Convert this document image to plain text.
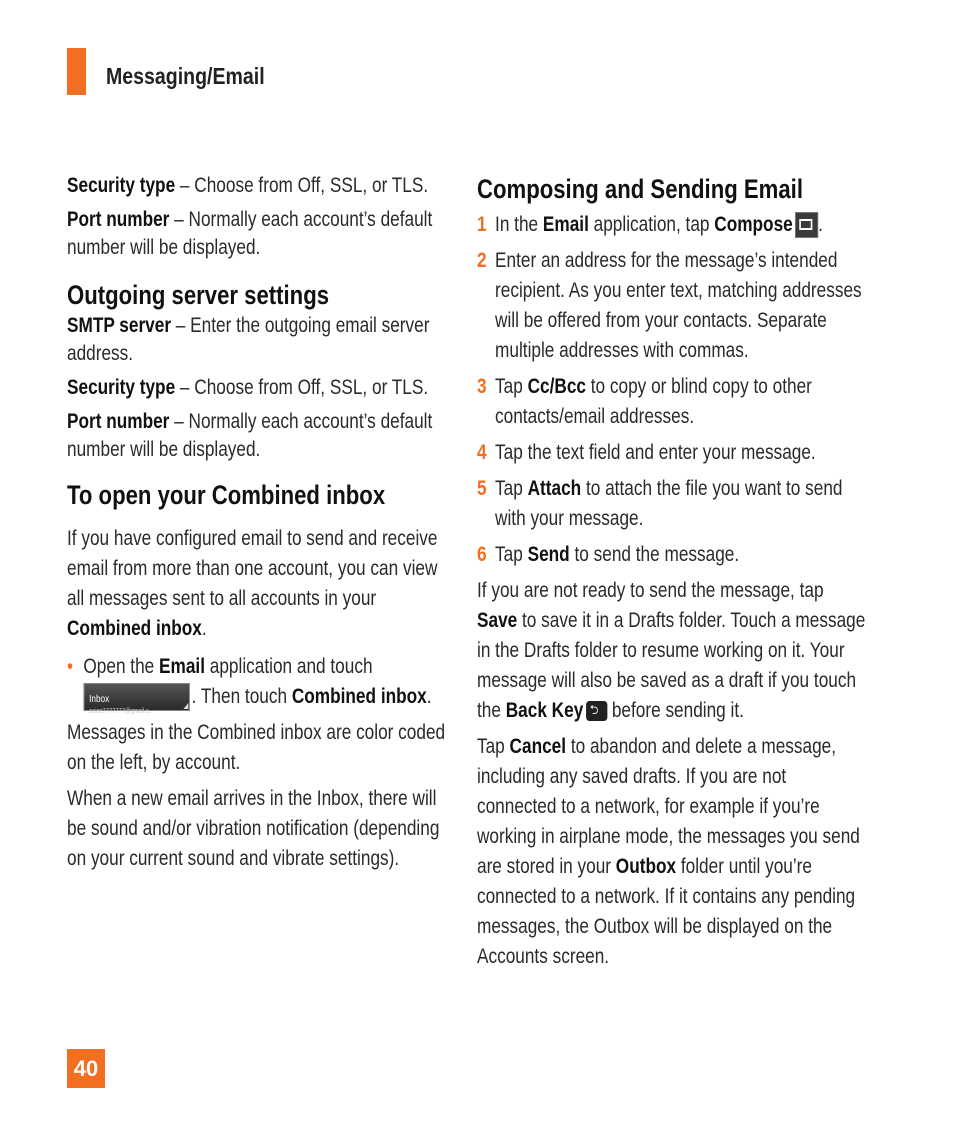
Messaging/Email

Security type – Choose from Off, SSL, or TLS.

Port number – Normally each account’s default number will be displayed.

Outgoing server settings

SMTP server – Enter the outgoing email server address.

Security type – Choose from Off, SSL, or TLS.

Port number – Normally each account’s default number will be displayed.

To open your Combined inbox

If you have configured email to send and receive email from more than one account, you can view all messages sent to all accounts in your Combined inbox.

• Open the Email application and touch

Inbox
aciac7777777@gmail.c...
. Then touch Combined inbox.

Messages in the Combined inbox are color coded on the left, by account.

When a new email arrives in the Inbox, there will be sound and/or vibration notification (depending on your current sound and vibrate settings).

Composing and Sending Email

1 In the Email application, tap Compose .

2 Enter an address for the message’s intended recipient. As you enter text, matching addresses will be offered from your contacts. Separate multiple addresses with commas.

3 Tap Cc/Bcc to copy or blind copy to other contacts/email addresses.

4 Tap the text field and enter your message.

5 Tap Attach to attach the file you want to send with your message.

6 Tap Send to send the message.

If you are not ready to send the message, tap Save to save it in a Drafts folder. Touch a message in the Drafts folder to resume working on it. Your message will also be saved as a draft if you touch the Back Key ⮌ before sending it.

Tap Cancel to abandon and delete a message, including any saved drafts. If you are not connected to a network, for example if you’re working in airplane mode, the messages you send are stored in your Outbox folder until you’re connected to a network. If it contains any pending messages, the Outbox will be displayed on the Accounts screen.

40
